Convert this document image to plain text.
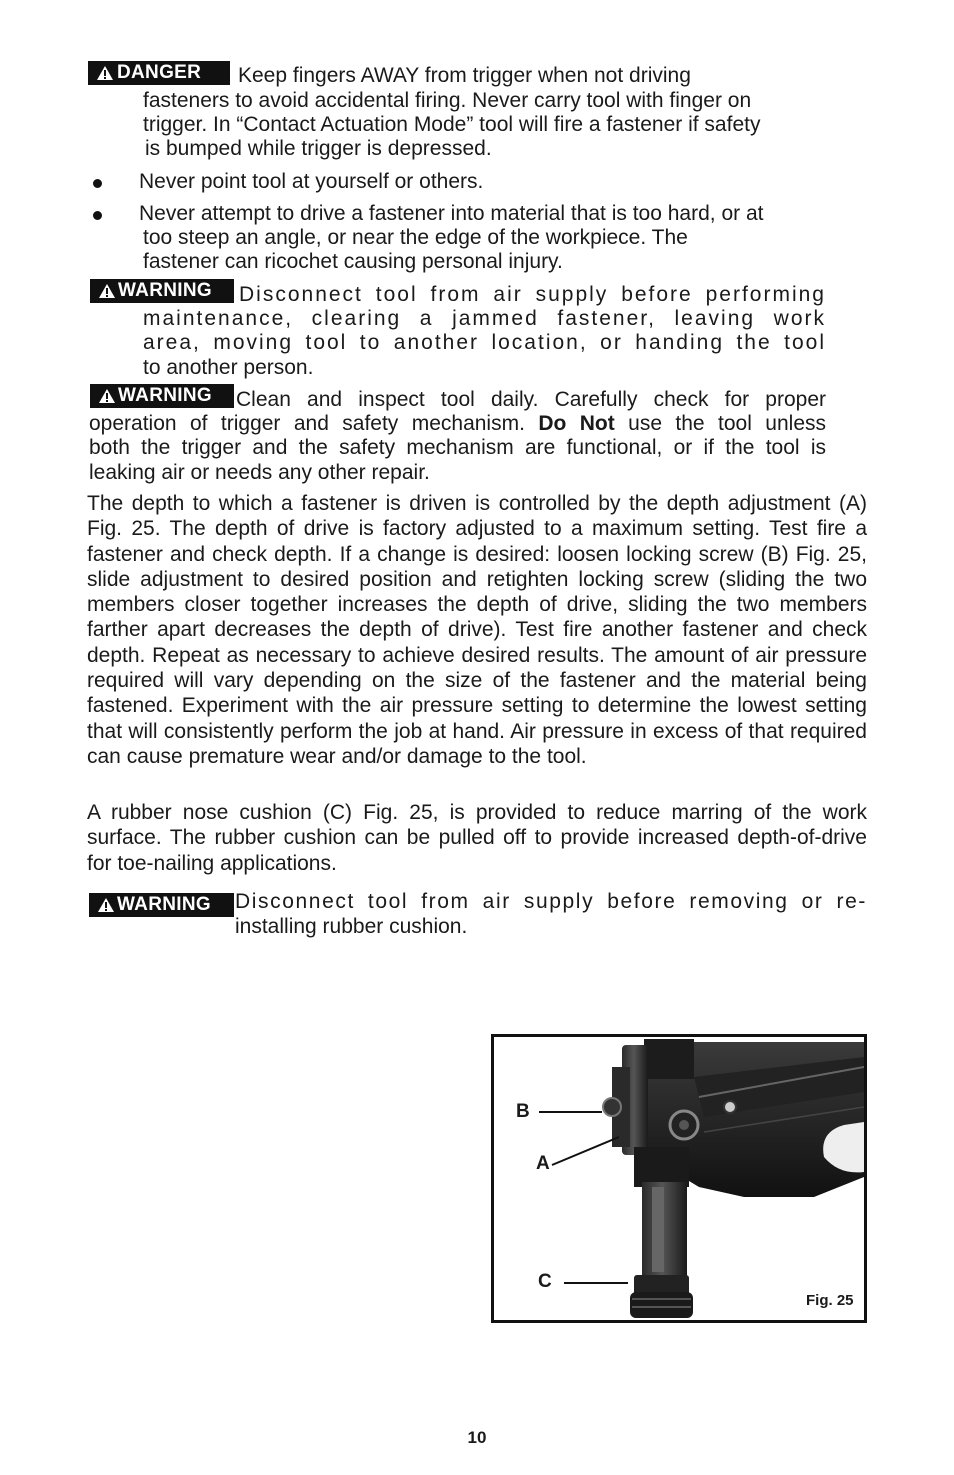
DANGER Keep fingers AWAY from trigger when not driving
fasteners to avoid accidental firing. Never carry tool with finger on
trigger. In “Contact Actuation Mode” tool will fire a fastener if safety
is bumped while trigger is depressed.
Never point tool at yourself or others.
Never attempt to drive a fastener into material that is too hard, or at
too steep an angle, or near the edge of the workpiece. The
fastener can ricochet causing personal injury.
WARNING Disconnect tool from air supply before performing
maintenance, clearing a jammed fastener, leaving work
area, moving tool to another location, or handing the tool
to another person.
WARNING Clean and inspect tool daily. Carefully check for proper
operation of trigger and safety mechanism. Do Not use the tool unless
both the trigger and the safety mechanism are functional, or if the tool is
leaking air or needs any other repair.
The depth to which a fastener is driven is controlled by the depth adjustment (A) Fig. 25. The depth of drive is factory adjusted to a maximum setting. Test fire a fastener and check depth. If a change is desired: loosen locking screw (B) Fig. 25, slide adjustment to desired position and retighten locking screw (sliding the two members closer together increases the depth of drive, sliding the two members farther apart decreases the depth of drive). Test fire another fastener and check depth. Repeat as necessary to achieve desired results. The amount of air pressure required will vary depending on the size of the fastener and the material being fastened. Experiment with the air pressure setting to determine the lowest setting that will consistently perform the job at hand. Air pressure in excess of that required can cause premature wear and/or damage to the tool.
A rubber nose cushion (C) Fig. 25, is provided to reduce marring of the work surface. The rubber cushion can be pulled off to provide increased depth-of-drive for toe-nailing applications.
WARNING Disconnect tool from air supply before removing or re-
installing rubber cushion.
B
A
C
Fig. 25
10
